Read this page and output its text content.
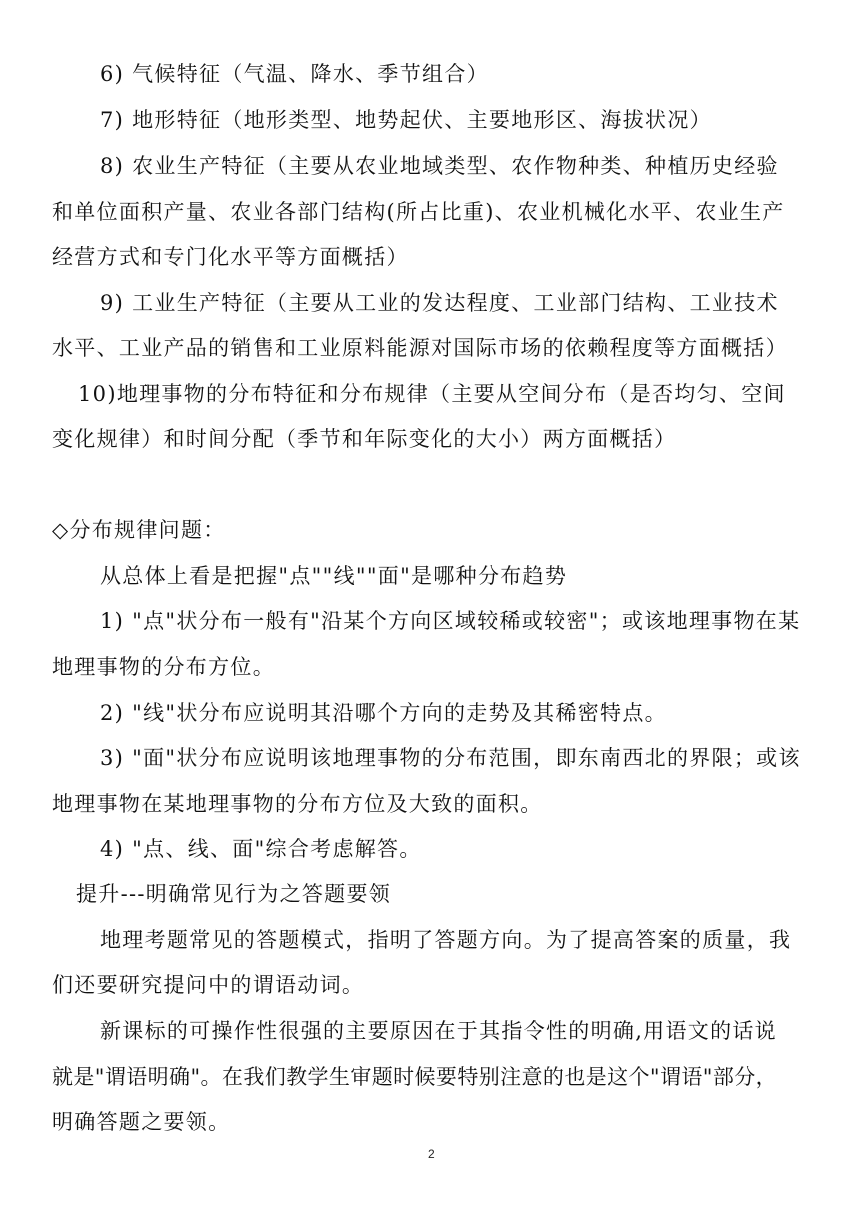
6) 气候特征（气温、降水、季节组合）
7) 地形特征（地形类型、地势起伏、主要地形区、海拔状况）
8) 农业生产特征（主要从农业地域类型、农作物种类、种植历史经验
和单位面积产量、农业各部门结构(所占比重)、农业机械化水平、农业生产
经营方式和专门化水平等方面概括）
9) 工业生产特征（主要从工业的发达程度、工业部门结构、工业技术
水平、工业产品的销售和工业原料能源对国际市场的依赖程度等方面概括）
10)地理事物的分布特征和分布规律（主要从空间分布（是否均匀、空间
变化规律）和时间分配（季节和年际变化的大小）两方面概括）
◇分布规律问题：
从总体上看是把握"点""线""面"是哪种分布趋势
1) "点"状分布一般有"沿某个方向区域较稀或较密"；或该地理事物在某
地理事物的分布方位。
2) "线"状分布应说明其沿哪个方向的走势及其稀密特点。
3) "面"状分布应说明该地理事物的分布范围，即东南西北的界限；或该
地理事物在某地理事物的分布方位及大致的面积。
4) "点、线、面"综合考虑解答。
提升---明确常见行为之答题要领
地理考题常见的答题模式，指明了答题方向。为了提高答案的质量，我
们还要研究提问中的谓语动词。
新课标的可操作性很强的主要原因在于其指令性的明确,用语文的话说
就是"谓语明确"。在我们教学生审题时候要特别注意的也是这个"谓语"部分，
明确答题之要领。
2
